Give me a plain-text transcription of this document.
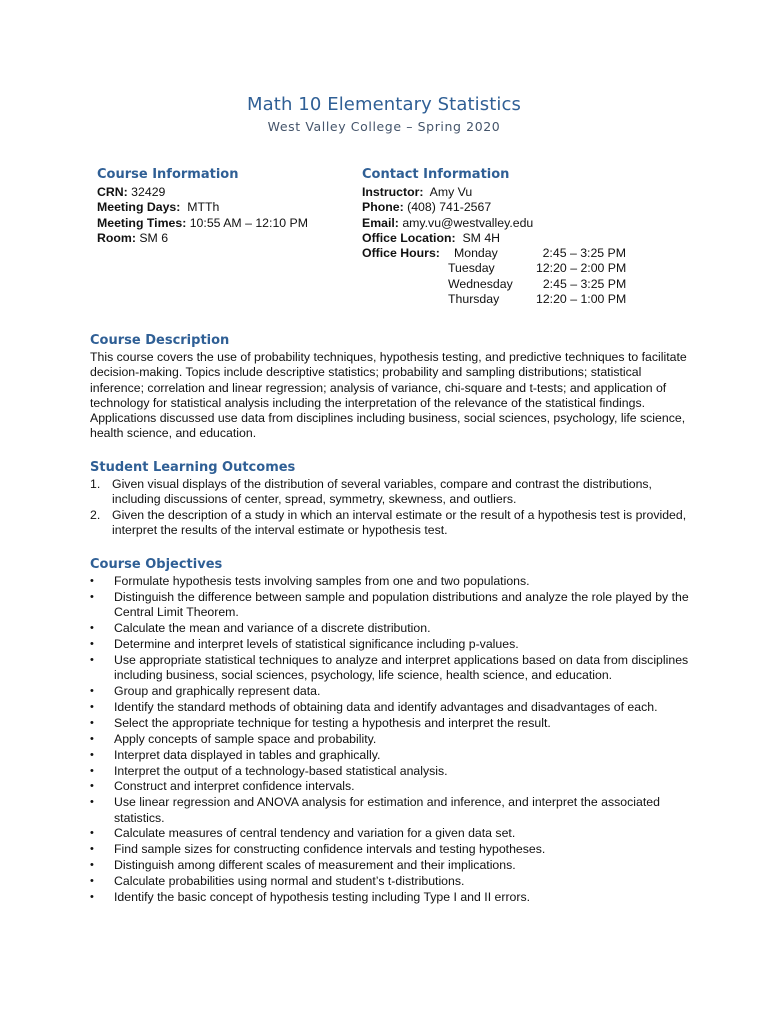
Math 10 Elementary Statistics
West Valley College – Spring 2020
Course Information
CRN: 32429
Meeting Days: MTTh
Meeting Times: 10:55 AM – 12:10 PM
Room: SM 6
Contact Information
Instructor: Amy Vu
Phone: (408) 741-2567
Email: amy.vu@westvalley.edu
Office Location: SM 4H
Office Hours:	Monday	2:45 – 3:25 PM
Tuesday	12:20 – 2:00 PM
Wednesday	2:45 – 3:25 PM
Thursday	12:20 – 1:00 PM
Course Description

This course covers the use of probability techniques, hypothesis testing, and predictive techniques to facilitate decision-making. Topics include descriptive statistics; probability and sampling distributions; statistical inference; correlation and linear regression; analysis of variance, chi-square and t-tests; and application of technology for statistical analysis including the interpretation of the relevance of the statistical findings. Applications discussed use data from disciplines including business, social sciences, psychology, life science, health science, and education.

Student Learning Outcomes
1. Given visual displays of the distribution of several variables, compare and contrast the distributions, including discussions of center, spread, symmetry, skewness, and outliers.
2. Given the description of a study in which an interval estimate or the result of a hypothesis test is provided, interpret the results of the interval estimate or hypothesis test.
Course Objectives
• Formulate hypothesis tests involving samples from one and two populations.
• Distinguish the difference between sample and population distributions and analyze the role played by the Central Limit Theorem.
• Calculate the mean and variance of a discrete distribution.
• Determine and interpret levels of statistical significance including p-values.
• Use appropriate statistical techniques to analyze and interpret applications based on data from disciplines including business, social sciences, psychology, life science, health science, and education.
• Group and graphically represent data.
• Identify the standard methods of obtaining data and identify advantages and disadvantages of each.
• Select the appropriate technique for testing a hypothesis and interpret the result.
• Apply concepts of sample space and probability.
• Interpret data displayed in tables and graphically.
• Interpret the output of a technology-based statistical analysis.
• Construct and interpret confidence intervals.
• Use linear regression and ANOVA analysis for estimation and inference, and interpret the associated statistics.
• Calculate measures of central tendency and variation for a given data set.
• Find sample sizes for constructing confidence intervals and testing hypotheses.
• Distinguish among different scales of measurement and their implications.
• Calculate probabilities using normal and student’s t-distributions.
• Identify the basic concept of hypothesis testing including Type I and II errors.
